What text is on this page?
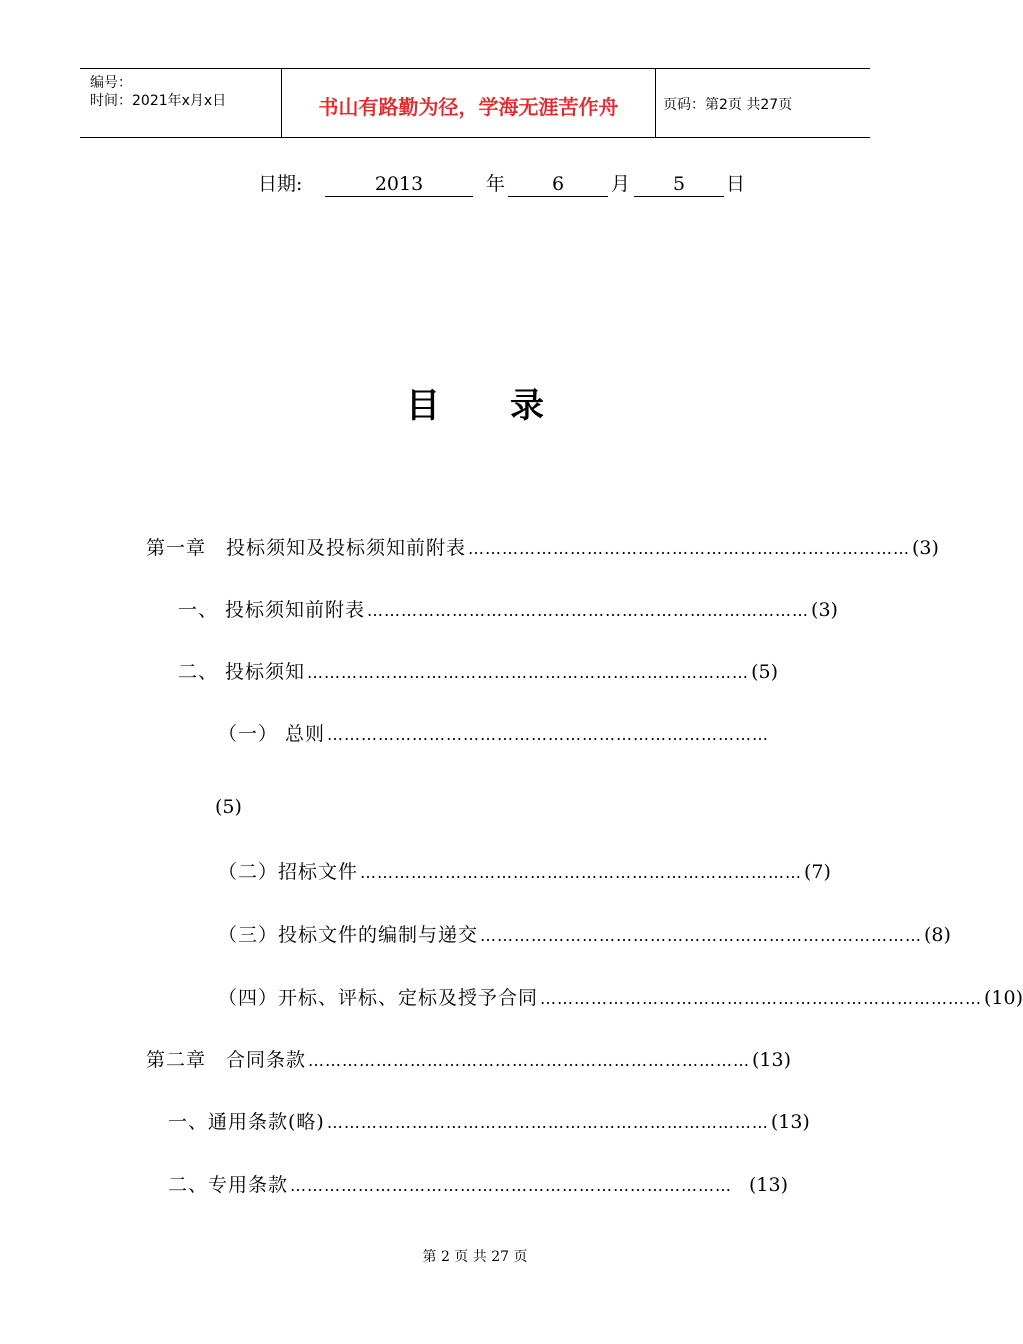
编号：
时间：2021年x月x日	书山有路勤为径，学海无涯苦作舟	页码：第2页 共27页
日期:	2013	年	6	月	5	日
目录
第一章　投标须知及投标须知前附表 …………………………………………………………………… (3)
一、 投标须知前附表 …………………………………………………………………… (3)
二、 投标须知 …………………………………………………………………… (5)
（一） 总则 ……………………………………………………………………
(5)
（二）招标文件 …………………………………………………………………… (7)
（三）投标文件的编制与递交 …………………………………………………………………… (8)
（四）开标、评标、定标及授予合同 …………………………………………………………………… (10)
第二章　合同条款 …………………………………………………………………… (13)
一、通用条款(略) …………………………………………………………………… (13)
二、专用条款 …………………………………………………………………… (13)
第 2 页 共 27 页
